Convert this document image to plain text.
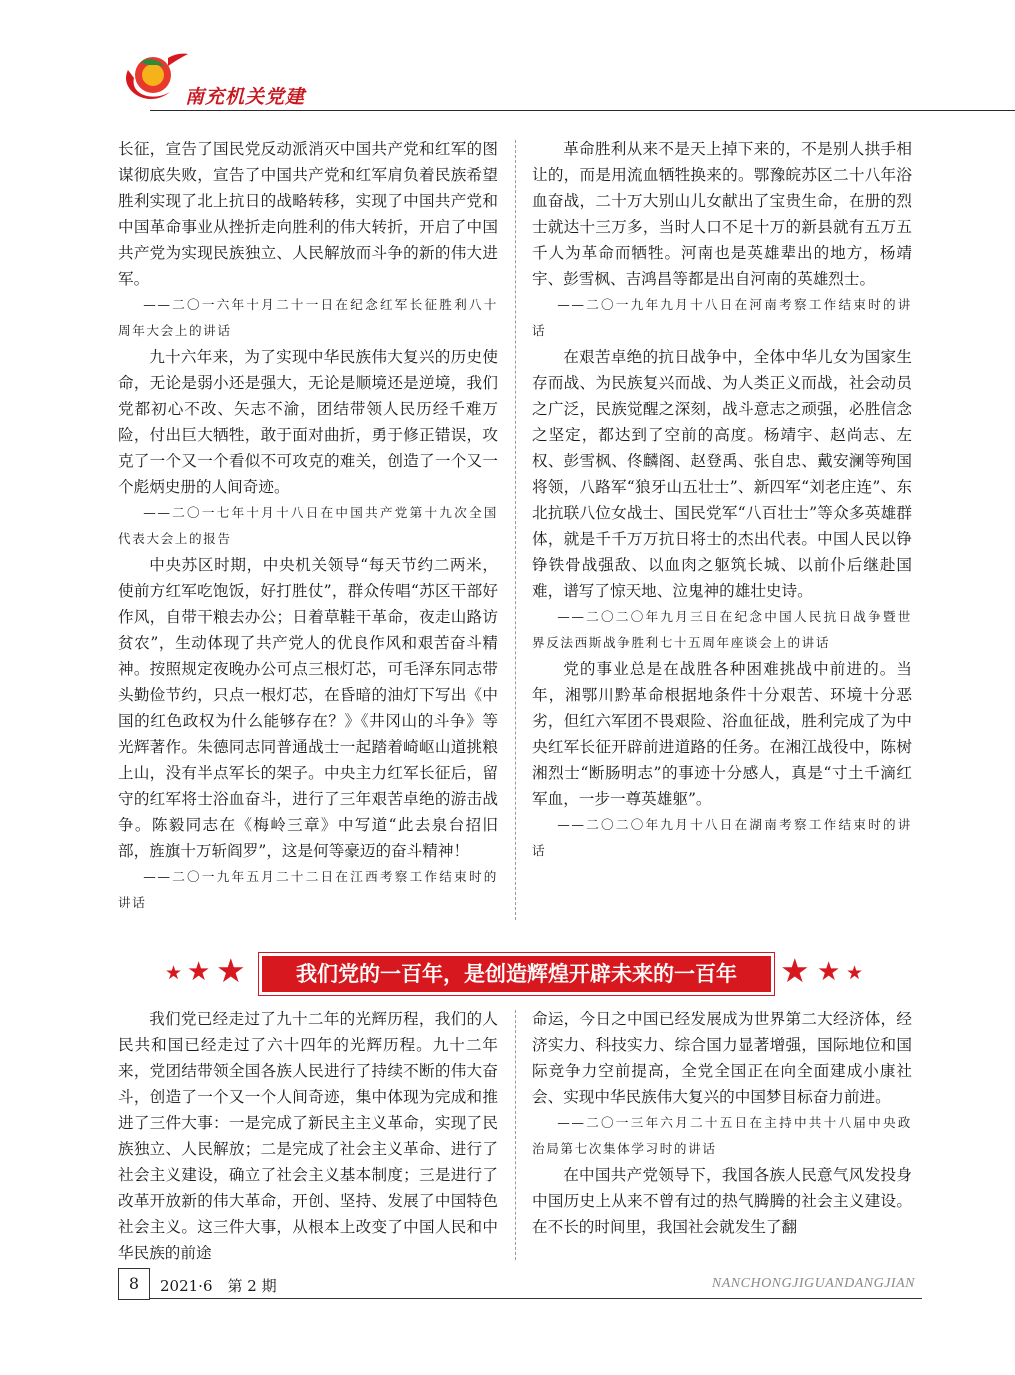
南充机关党建

长征，宣告了国民党反动派消灭中国共产党和红军的图谋彻底失败，宣告了中国共产党和红军肩负着民族希望胜利实现了北上抗日的战略转移，实现了中国共产党和中国革命事业从挫折走向胜利的伟大转折，开启了中国共产党为实现民族独立、人民解放而斗争的新的伟大进军。

——二〇一六年十月二十一日在纪念红军长征胜利八十周年大会上的讲话

九十六年来，为了实现中华民族伟大复兴的历史使命，无论是弱小还是强大，无论是顺境还是逆境，我们党都初心不改、矢志不渝，团结带领人民历经千难万险，付出巨大牺牲，敢于面对曲折，勇于修正错误，攻克了一个又一个看似不可攻克的难关，创造了一个又一个彪炳史册的人间奇迹。

——二〇一七年十月十八日在中国共产党第十九次全国代表大会上的报告

中央苏区时期，中央机关领导“每天节约二两米，使前方红军吃饱饭，好打胜仗”，群众传唱“苏区干部好作风，自带干粮去办公；日着草鞋干革命，夜走山路访贫农”，生动体现了共产党人的优良作风和艰苦奋斗精神。按照规定夜晚办公可点三根灯芯，可毛泽东同志带头勤俭节约，只点一根灯芯，在昏暗的油灯下写出《中国的红色政权为什么能够存在？》《井冈山的斗争》等光辉著作。朱德同志同普通战士一起踏着崎岖山道挑粮上山，没有半点军长的架子。中央主力红军长征后，留守的红军将士浴血奋斗，进行了三年艰苦卓绝的游击战争。陈毅同志在《梅岭三章》中写道“此去泉台招旧部，旌旗十万斩阎罗”，这是何等豪迈的奋斗精神！

——二〇一九年五月二十二日在江西考察工作结束时的讲话

革命胜利从来不是天上掉下来的，不是别人拱手相让的，而是用流血牺牲换来的。鄂豫皖苏区二十八年浴血奋战，二十万大别山儿女献出了宝贵生命，在册的烈士就达十三万多，当时人口不足十万的新县就有五万五千人为革命而牺牲。河南也是英雄辈出的地方，杨靖宇、彭雪枫、吉鸿昌等都是出自河南的英雄烈士。

——二〇一九年九月十八日在河南考察工作结束时的讲话

在艰苦卓绝的抗日战争中，全体中华儿女为国家生存而战、为民族复兴而战、为人类正义而战，社会动员之广泛，民族觉醒之深刻，战斗意志之顽强，必胜信念之坚定，都达到了空前的高度。杨靖宇、赵尚志、左权、彭雪枫、佟麟阁、赵登禹、张自忠、戴安澜等殉国将领，八路军“狼牙山五壮士”、新四军“刘老庄连”、东北抗联八位女战士、国民党军“八百壮士”等众多英雄群体，就是千千万万抗日将士的杰出代表。中国人民以铮铮铁骨战强敌、以血肉之躯筑长城、以前仆后继赴国难，谱写了惊天地、泣鬼神的雄壮史诗。

——二〇二〇年九月三日在纪念中国人民抗日战争暨世界反法西斯战争胜利七十五周年座谈会上的讲话

党的事业总是在战胜各种困难挑战中前进的。当年，湘鄂川黔革命根据地条件十分艰苦、环境十分恶劣，但红六军团不畏艰险、浴血征战，胜利完成了为中央红军长征开辟前进道路的任务。在湘江战役中，陈树湘烈士“断肠明志”的事迹十分感人，真是“寸土千滴红军血，一步一尊英雄躯”。

——二〇二〇年九月十八日在湖南考察工作结束时的讲话

★ ★ ★	我们党的一百年，是创造辉煌开辟未来的一百年	★ ★ ★

我们党已经走过了九十二年的光辉历程，我们的人民共和国已经走过了六十四年的光辉历程。九十二年来，党团结带领全国各族人民进行了持续不断的伟大奋斗，创造了一个又一个人间奇迹，集中体现为完成和推进了三件大事：一是完成了新民主主义革命，实现了民族独立、人民解放；二是完成了社会主义革命、进行了社会主义建设，确立了社会主义基本制度；三是进行了改革开放新的伟大革命，开创、坚持、发展了中国特色社会主义。这三件大事，从根本上改变了中国人民和中华民族的前途

命运，今日之中国已经发展成为世界第二大经济体，经济实力、科技实力、综合国力显著增强，国际地位和国际竞争力空前提高，全党全国正在向全面建成小康社会、实现中华民族伟大复兴的中国梦目标奋力前进。

——二〇一三年六月二十五日在主持中共十八届中央政治局第七次集体学习时的讲话

在中国共产党领导下，我国各族人民意气风发投身中国历史上从来不曾有过的热气腾腾的社会主义建设。在不长的时间里，我国社会就发生了翻

8	2021·6　第 2 期	NANCHONGJIGUANDANGJIAN
